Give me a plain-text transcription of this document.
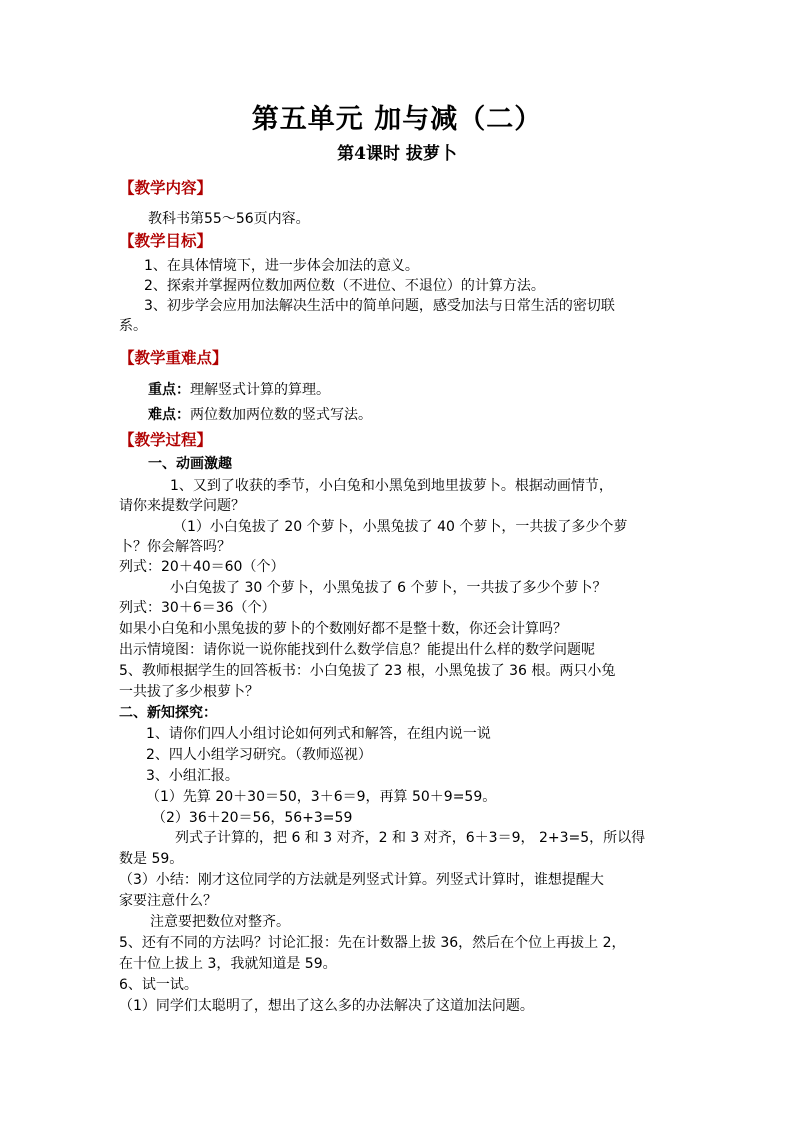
第五单元 加与减（二）
第4课时 拔萝卜
【教学内容】
教科书第55～56页内容。
【教学目标】
1、在具体情境下，进一步体会加法的意义。
2、探索并掌握两位数加两位数（不进位、不退位）的计算方法。
3、初步学会应用加法解决生活中的简单问题，感受加法与日常生活的密切联
系。
【教学重难点】
重点：理解竖式计算的算理。
难点：两位数加两位数的竖式写法。
【教学过程】
一、动画激趣
1、又到了收获的季节，小白兔和小黑兔到地里拔萝卜。根据动画情节，
请你来提数学问题？
（1）小白兔拔了 20 个萝卜，小黑兔拔了 40 个萝卜，一共拔了多少个萝
卜？你会解答吗？
列式：20＋40＝60（个）
小白兔拔了 30 个萝卜，小黑兔拔了 6 个萝卜，一共拔了多少个萝卜？
列式：30＋6＝36（个）
如果小白兔和小黑兔拔的萝卜的个数刚好都不是整十数，你还会计算吗？
出示情境图：请你说一说你能找到什么数学信息？能提出什么样的数学问题呢
5、教师根据学生的回答板书：小白兔拔了 23 根，小黑兔拔了 36 根。两只小兔
一共拔了多少根萝卜？
二、新知探究：
1、请你们四人小组讨论如何列式和解答，在组内说一说
2、四人小组学习研究。（教师巡视）
3、小组汇报。
（1）先算 20＋30＝50，3＋6＝9，再算 50＋9=59。
（2）36＋20＝56，56+3=59
列式子计算的，把 6 和 3 对齐，2 和 3 对齐，6＋3＝9， 2+3=5，所以得
数是 59。
（3）小结：刚才这位同学的方法就是列竖式计算。列竖式计算时，谁想提醒大
家要注意什么？
注意要把数位对整齐。
5、还有不同的方法吗？讨论汇报：先在计数器上拔 36，然后在个位上再拔上 2，
在十位上拔上 3，我就知道是 59。
6、试一试。
（1）同学们太聪明了，想出了这么多的办法解决了这道加法问题。
